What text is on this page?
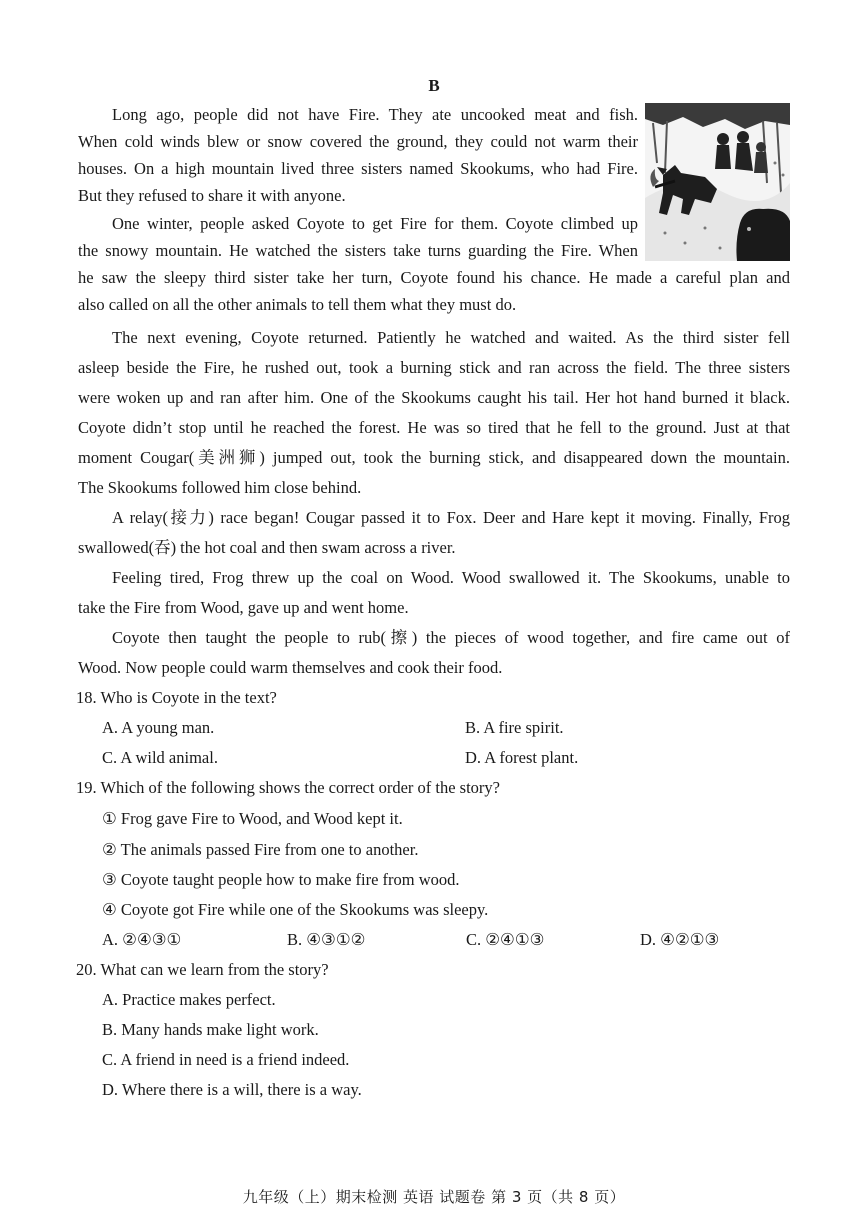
B
Long ago, people did not have Fire. They ate uncooked meat and fish.
When cold winds blew or snow covered the ground, they could not warm their
houses. On a high mountain lived three sisters named Skookums, who had Fire.
But they refused to share it with anyone.
One winter, people asked Coyote to get Fire for them. Coyote climbed up
the snowy mountain. He watched the sisters take turns guarding the Fire. When
he saw the sleepy third sister take her turn, Coyote found his chance. He made a careful plan and
also called on all the other animals to tell them what they must do.
The next evening, Coyote returned. Patiently he watched and waited. As the third sister fell
asleep beside the Fire, he rushed out, took a burning stick and ran across the field. The three sisters
were woken up and ran after him. One of the Skookums caught his tail. Her hot hand burned it black.
Coyote didn’t stop until he reached the forest. He was so tired that he fell to the ground. Just at that
moment Cougar(美洲狮) jumped out, took the burning stick, and disappeared down the mountain.
The Skookums followed him close behind.
A relay(接力) race began! Cougar passed it to Fox. Deer and Hare kept it moving. Finally, Frog
swallowed(吞) the hot coal and then swam across a river.
Feeling tired, Frog threw up the coal on Wood. Wood swallowed it. The Skookums, unable to
take the Fire from Wood, gave up and went home.
Coyote then taught the people to rub(擦) the pieces of wood together, and fire came out of
Wood. Now people could warm themselves and cook their food.
18. Who is Coyote in the text?
A. A young man.	B. A fire spirit.
C. A wild animal.	D. A forest plant.
19. Which of the following shows the correct order of the story?
① Frog gave Fire to Wood, and Wood kept it.
② The animals passed Fire from one to another.
③ Coyote taught people how to make fire from wood.
④ Coyote got Fire while one of the Skookums was sleepy.
A. ②④③①	B. ④③①②	C. ②④①③	D. ④②①③
20. What can we learn from the story?
A. Practice makes perfect.
B. Many hands make light work.
C. A friend in need is a friend indeed.
D. Where there is a will, there is a way.
九年级（上）期末检测 英语 试题卷 第 3 页（共 8 页）
